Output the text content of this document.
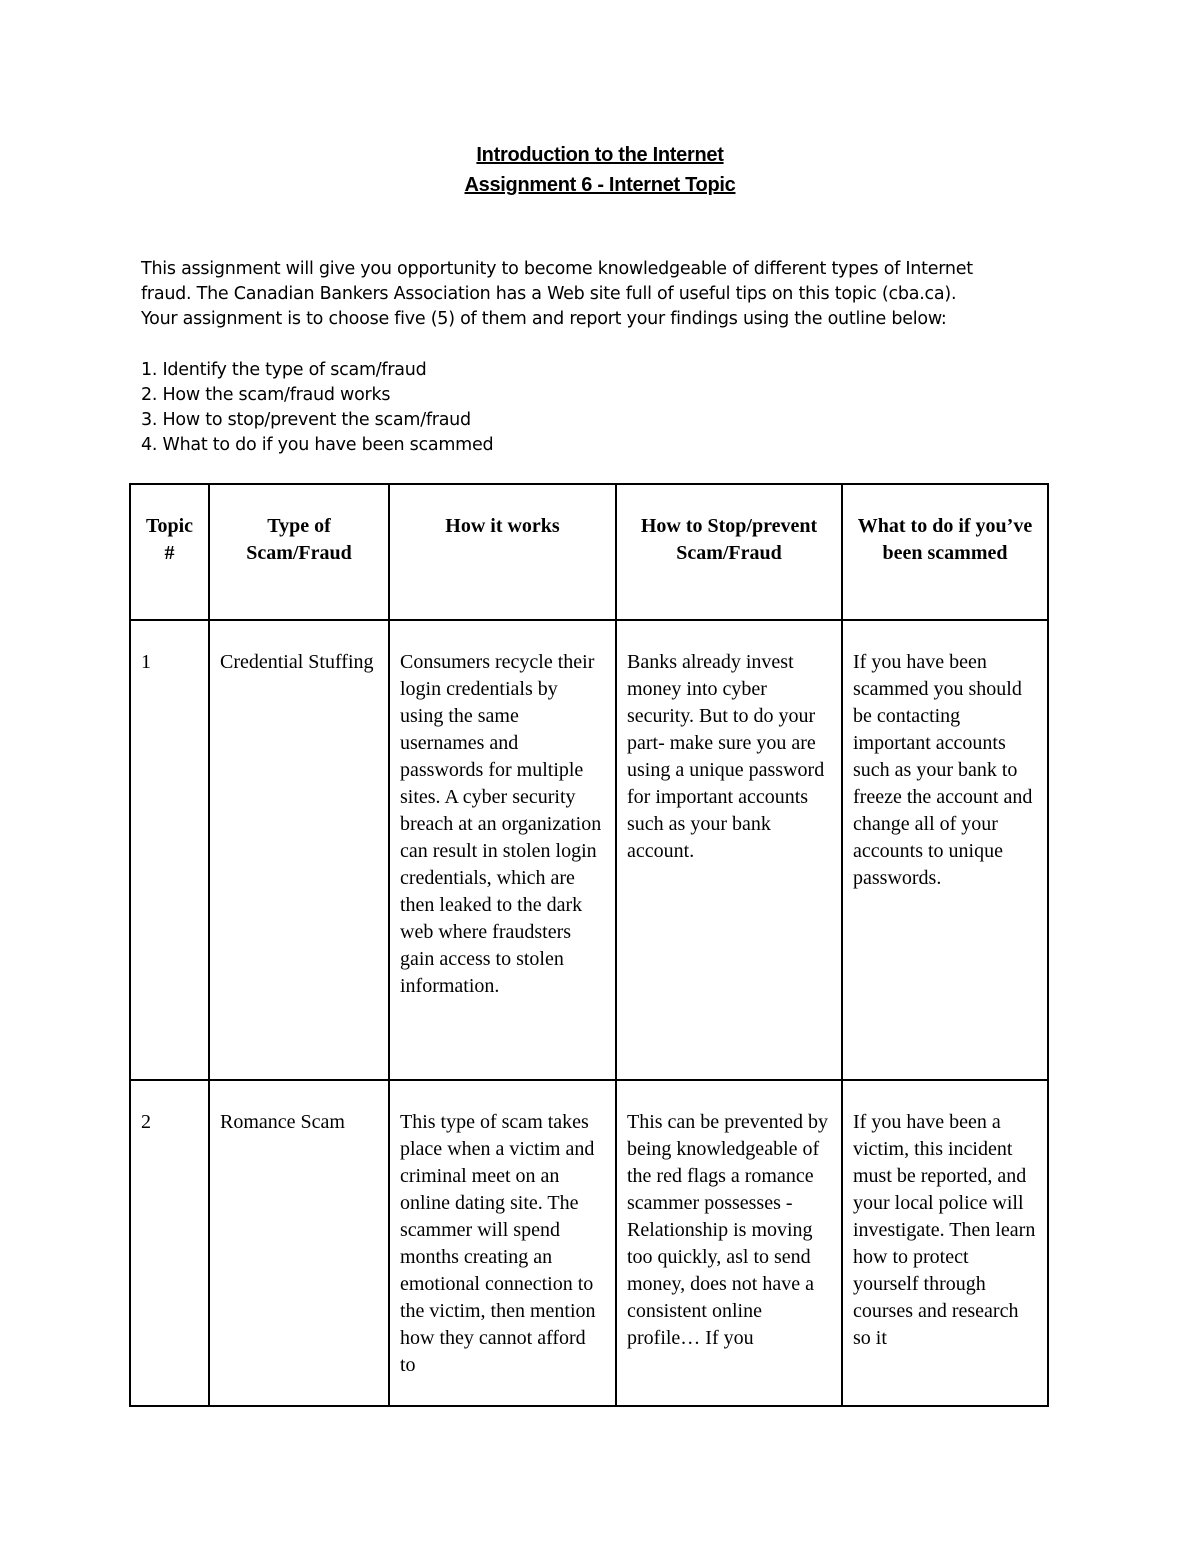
Introduction to the Internet
Assignment 6 - Internet Topic

This assignment will give you opportunity to become knowledgeable of different types of Internet

fraud. The Canadian Bankers Association has a Web site full of useful tips on this topic (cba.ca).

Your assignment is to choose five (5) of them and report your findings using the outline below:

1. Identify the type of scam/fraud
2. How the scam/fraud works
3. How to stop/prevent the scam/fraud
4. What to do if you have been scammed
Topic #	Type of Scam/Fraud	How it works	How to Stop/prevent Scam/Fraud	What to do if you’ve been scammed
1	Credential Stuffing	Consumers recycle their login credentials by using the same usernames and passwords for multiple sites. A cyber security breach at an organization can result in stolen login credentials, which are then leaked to the dark web where fraudsters gain access to stolen information.	Banks already invest money into cyber security. But to do your part- make sure you are using a unique password for important accounts such as your bank account.	If you have been scammed you should be contacting important accounts such as your bank to freeze the account and change all of your accounts to unique passwords.

2	Romance Scam	This type of scam takes place when a victim and criminal meet on an online dating site. The scammer will spend months creating an emotional connection to the victim, then mention how they cannot afford to	This can be prevented by being knowledgeable of the red flags a romance scammer possesses -Relationship is moving too quickly, asl to send money, does not have a consistent online profile… If you	If you have been a victim, this incident must be reported, and your local police will investigate. Then learn how to protect yourself through courses and research so it
